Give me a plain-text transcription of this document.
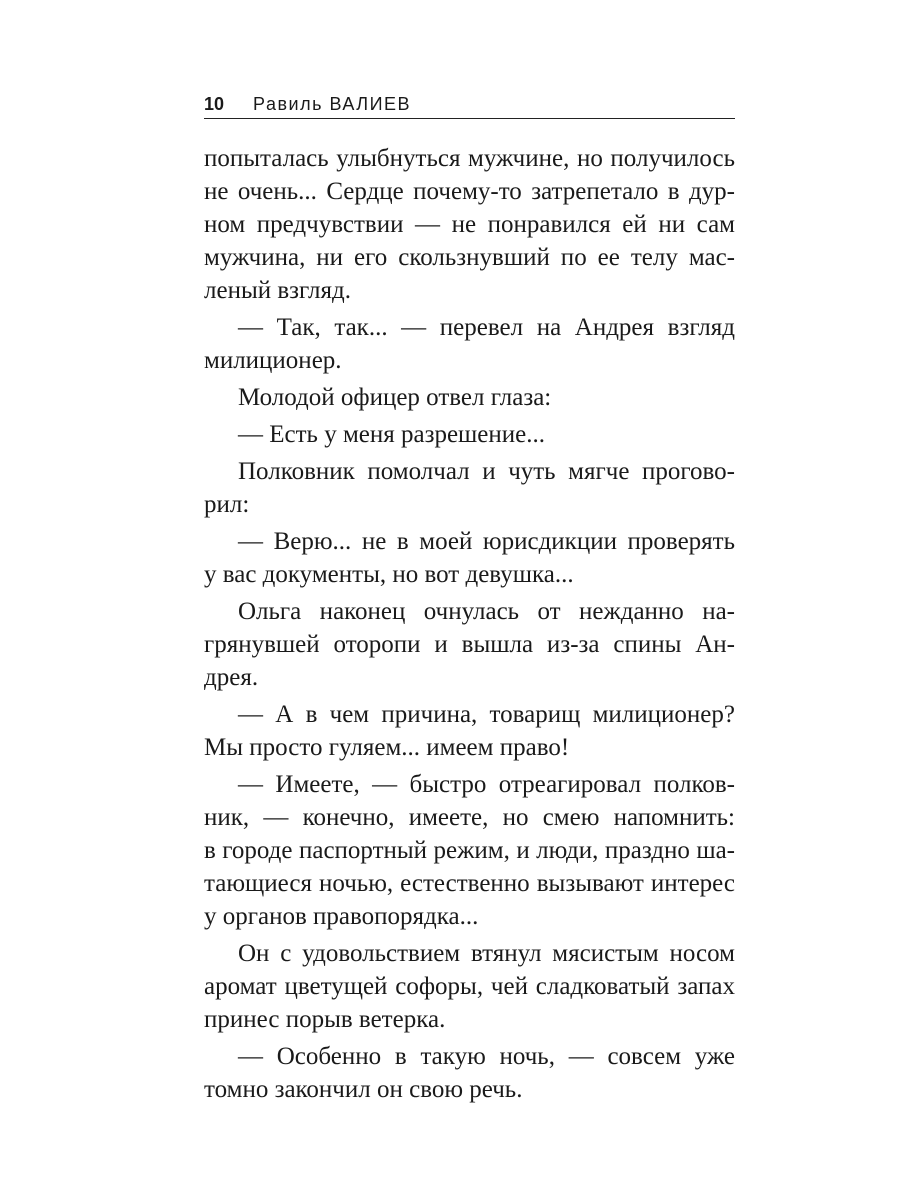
10 Равиль ВАЛИЕВ
попыталась улыбнуться мужчине, но получилось
не очень... Сердце почему-то затрепетало в дур-
ном предчувствии — не понравился ей ни сам
мужчина, ни его скользнувший по ее телу мас-
леный взгляд.
— Так, так... — перевел на Андрея взгляд
милиционер.
Молодой офицер отвел глаза:
— Есть у меня разрешение...
Полковник помолчал и чуть мягче прогово-
рил:
— Верю... не в моей юрисдикции проверять
у вас документы, но вот девушка...
Ольга наконец очнулась от нежданно на-
грянувшей оторопи и вышла из-за спины Ан-
дрея.
— А в чем причина, товарищ милиционер?
Мы просто гуляем... имеем право!
— Имеете, — быстро отреагировал полков-
ник, — конечно, имеете, но смею напомнить:
в городе паспортный режим, и люди, праздно ша-
тающиеся ночью, естественно вызывают интерес
у органов правопорядка...
Он с удовольствием втянул мясистым носом
аромат цветущей софоры, чей сладковатый запах
принес порыв ветерка.
— Особенно в такую ночь, — совсем уже
томно закончил он свою речь.
